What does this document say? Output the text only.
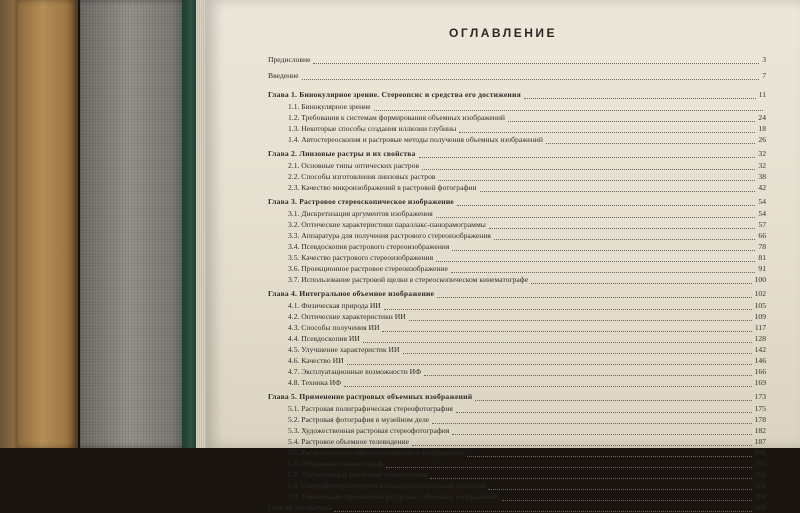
ОГЛАВЛЕНИЕ
Предисловие	3
Введение	7
Глава 1. Бинокулярное зрение. Стереопсис и средства его достижения	11
1.1. Бинокулярное зрение
1.2. Требования к системам формирования объемных изображений	24
1.3. Некоторые способы создания иллюзии глубины	18
1.4. Автостереоскопия и растровые методы получения объемных изображений	26
Глава 2. Линзовые растры и их свойства	32
2.1. Основные типы оптических растров	32
2.2. Способы изготовления линзовых растров	38
2.3. Качество микроизображений в растровой фотографии	42
Глава 3. Растровое стереоскопическое изображение	54
3.1. Дискретизация аргументов изображения	54
3.2. Оптические характеристики параллакс-панорамограммы	57
3.3. Аппаратура для получения растрового стереоизображения	66
3.4. Псевдоскопия растрового стереоизображения	78
3.5. Качество растрового стереоизображения	81
3.6. Проекционное растровое стереоизображение	91
3.7. Использование растровой щелки в стереоскопическом кинематографе	100
Глава 4. Интегральное объемное изображение	102
4.1. Физическая природа ИИ	105
4.2. Оптические характеристики ИИ	109
4.3. Способы получения ИИ	117
4.4. Псевдоскопия ИИ	128
4.5. Улучшение характеристик ИИ	142
4.6. Качество ИИ	146
4.7. Эксплуатационные возможности ИФ	166
4.8. Техника ИФ	169
Глава 5. Применение растровых объемных изображений	173
5.1. Растровая полиграфическая стереофотография	175
5.2. Растровая фотография в музейном деле	178
5.3. Художественная растровая стереофотография	182
5.4. Растровое объемное телевидение	187
5.5. Растрово-голографическое объемное изображение	190
5.6. Объемный кинематограф	193
5.7. Любительская растровая стереосъемка	200
5.8. Стереофотограмметрия близко расположенных объектов	204
5.9. Технические применения растровых объемных изображений	206
Список литературы	209
